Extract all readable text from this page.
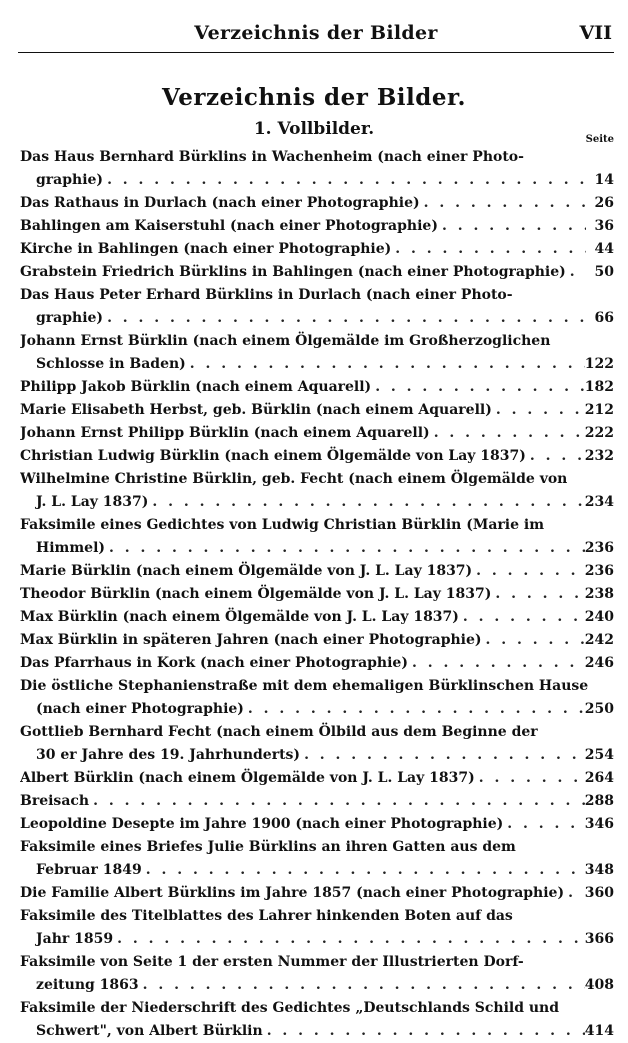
Verzeichnis der Bilder	VII
Verzeichnis der Bilder.
1. Vollbilder.
Seite
Das Haus Bernhard Bürklins in Wachenheim (nach einer Photo-
graphie) . . .	14
Das Rathaus in Durlach (nach einer Photographie) . . .	26
Bahlingen am Kaiserstuhl (nach einer Photographie) . . .	36
Kirche in Bahlingen (nach einer Photographie) . . .	44
Grabstein Friedrich Bürklins in Bahlingen (nach einer Photographie) . . .	50
Das Haus Peter Erhard Bürklins in Durlach (nach einer Photo-
graphie) . . .	66
Johann Ernst Bürklin (nach einem Ölgemälde im Großherzoglichen
Schlosse in Baden) . . .	122
Philipp Jakob Bürklin (nach einem Aquarell) . . .	182
Marie Elisabeth Herbst, geb. Bürklin (nach einem Aquarell) . . .	212
Johann Ernst Philipp Bürklin (nach einem Aquarell) . . .	222
Christian Ludwig Bürklin (nach einem Ölgemälde von Lay 1837) . . .	232
Wilhelmine Christine Bürklin, geb. Fecht (nach einem Ölgemälde von
J. L. Lay 1837) . . .	234
Faksimile eines Gedichtes von Ludwig Christian Bürklin (Marie im
Himmel) . . .	236
Marie Bürklin (nach einem Ölgemälde von J. L. Lay 1837) . . .	236
Theodor Bürklin (nach einem Ölgemälde von J. L. Lay 1837) . . .	238
Max Bürklin (nach einem Ölgemälde von J. L. Lay 1837) . . .	240
Max Bürklin in späteren Jahren (nach einer Photographie) . . .	242
Das Pfarrhaus in Kork (nach einer Photographie) . . .	246
Die östliche Stephanienstraße mit dem ehemaligen Bürklinschen Hause
(nach einer Photographie) . . .	250
Gottlieb Bernhard Fecht (nach einem Ölbild aus dem Beginne der
30 er Jahre des 19. Jahrhunderts) . . .	254
Albert Bürklin (nach einem Ölgemälde von J. L. Lay 1837) . . .	264
Breisach . . .	288
Leopoldine Desepte im Jahre 1900 (nach einer Photographie) . . .	346
Faksimile eines Briefes Julie Bürklins an ihren Gatten aus dem
Februar 1849 . . .	348
Die Familie Albert Bürklins im Jahre 1857 (nach einer Photographie) . . . 360
Faksimile des Titelblattes des Lahrer hinkenden Boten auf das
Jahr 1859 . . .	366
Faksimile von Seite 1 der ersten Nummer der Illustrierten Dorf-
zeitung 1863 . . .	408
Faksimile der Niederschrift des Gedichtes „Deutschlands Schild und
Schwert", von Albert Bürklin . . .	414
